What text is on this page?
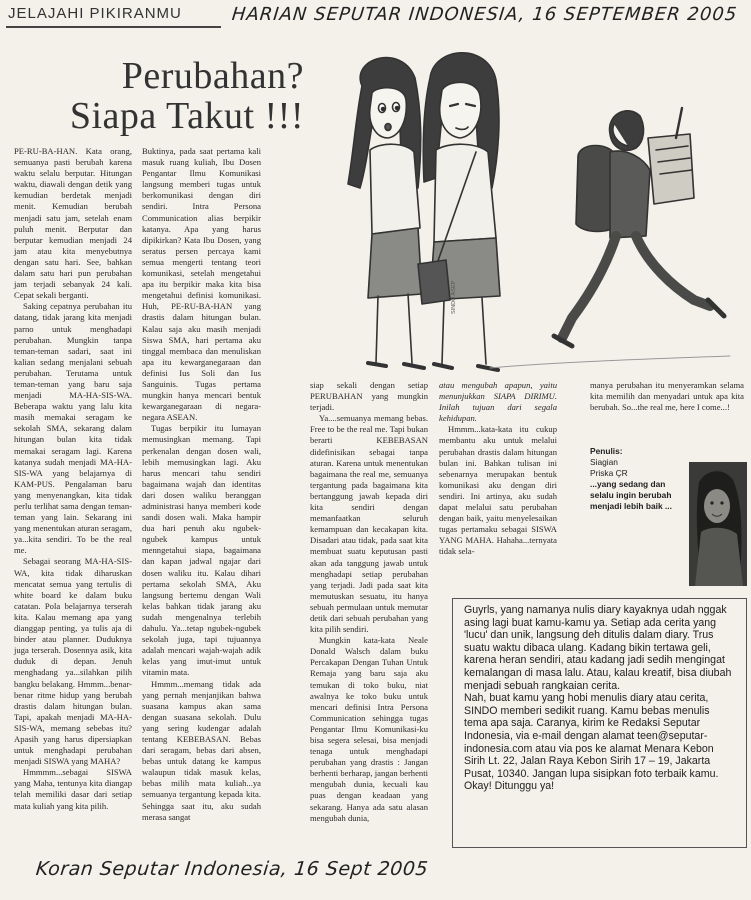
JELAJAHI PIKIRANMU	HARIAN SEPUTAR INDONESIA, 16 SEPTEMBER 2005
Perubahan?
Siapa Takut !!!
SINDO ASEP

PE-RU-BA-HAN. Kata orang, semuanya pasti berubah karena waktu selalu berputar. Hitungan waktu, diawali dengan detik yang kemudian berdetak menjadi menit. Kemudian berubah menjadi satu jam, setelah enam puluh menit. Berputar dan berputar kemudian menjadi 24 jam atau kita menyebutnya dengan satu hari. See, bahkan dalam satu hari pun perubahan jam terjadi sebanyak 24 kali. Cepat sekali berganti.

Saking cepatnya perubahan itu datang, tidak jarang kita menjadi parno untuk menghadapi perubahan. Mungkin tanpa teman-teman sadari, saat ini kalian sedang menjalani sebuah perubahan. Terutama untuk teman-teman yang baru saja menjadi MA-HA-SIS-WA. Beberapa waktu yang lalu kita masih memakai seragam ke sekolah SMA, sekarang dalam hitungan bulan kita tidak memakai seragam lagi. Karena katanya sudah menjadi MA-HA-SIS-WA yang belajarnya di KAM-PUS. Pengalaman baru yang menyenangkan, kita tidak perlu terlihat sama dengan teman-teman yang lain. Sekarang ini yang menentukan aturan seragam, ya...kita sendiri. To be the real me.

Sebagai seorang MA-HA-SIS-WA, kita tidak diharuskan mencatat semua yang tertulis di white board ke dalam buku catatan. Pola belajarnya terserah kita. Kalau memang apa yang dianggap penting, ya tulis aja di binder atau planner. Duduknya juga terserah. Dosennya asik, kita duduk di depan. Jenuh menghadang ya...silahkan pilih bangku belakang. Hmmm...benar-benar ritme hidup yang berubah drastis dalam hitungan bulan. Tapi, apakah menjadi MA-HA-SIS-WA, memang sebebas itu? Apasih yang harus dipersiapkan untuk menghadapi perubahan menjadi SISWA yang MAHA?

Hmmmm...sebagai SISWA yang Maha, tentunya kita diangap telah memiliki dasar dari setiap mata kuliah yang kita pilih.

Buktinya, pada saat pertama kali masuk ruang kuliah, Ibu Dosen Pengantar Ilmu Komunikasi langsung memberi tugas untuk berkomunikasi dengan diri sendiri. Intra Persona Communication alias berpikir katanya. Apa yang harus dipikirkan? Kata Ibu Dosen, yang seratus persen percaya kami semua mengerti tentang teori komunikasi, setelah mengetahui apa itu berpikir maka kita bisa mengetahui definisi komunikasi. Huh, PE-RU-BA-HAN yang drastis dalam hitungan bulan. Kalau saja aku masih menjadi Siswa SMA, hari pertama aku tinggal membaca dan menuliskan apa itu kewarganegaraan dan definisi Ius Soli dan Ius Sanguinis. Tugas pertama mungkin hanya mencari bentuk kewarganegaraan di negara-negara ASEAN.

Tugas berpikir itu lumayan memusingkan memang. Tapi perkenalan dengan dosen wali, lebih memusingkan lagi. Aku harus mencari tahu sendiri bagaimana wajah dan identitas dari dosen waliku beranggan administrasi hanya memberi kode sandi dosen wali. Maka hampir dua hari penuh aku ngubek-ngubek kampus untuk menngetahui siapa, bagaimana dan kapan jadwal ngajar dari dosen waliku itu. Kalau dihari pertama sekolah SMA, Aku langsung bertemu dengan Wali kelas bahkan tidak jarang aku sudah mengenalnya terlebih dahulu. Ya...tetap ngubek-ngubek sekolah juga, tapi tujuannya adalah mencari wajah-wajah adik kelas yang imut-imut untuk vitamin mata.

Hmmm...memang tidak ada yang pernah menjanjikan bahwa suasana kampus akan sama dengan suasana sekolah. Dulu yang sering kudengar adalah tentang KEBEBASAN. Bebas dari seragam, bebas dari absen, bebas untuk datang ke kampus walaupun tidak masuk kelas, bebas milih mata kuliah...ya semuanya tergantung kepada kita. Sehingga saat itu, aku sudah merasa sangat

siap sekali dengan setiap PERUBAHAN yang mungkin terjadi.

Ya....semuanya memang bebas. Free to be the real me. Tapi bukan berarti KEBEBASAN didefinisikan sebagai tanpa aturan. Karena untuk menentukan bagaimana the real me, semuanya tergantung pada bagaimana kita bertanggung jawab kepada diri kita sendiri dengan memanfaatkan seluruh kemampuan dan kecakapan kita. Disadari atau tidak, pada saat kita membuat suatu keputusan pasti akan ada tanggung jawab untuk menghadapi setiap perubahan yang terjadi. Jadi pada saat kita memutuskan sesuatu, itu hanya sebuah permulaan untuk memutar detik dari sebuah perubahan yang kita pilih sendiri.

Mungkin kata-kata Neale Donald Walsch dalam buku Percakapan Dengan Tuhan Untuk Remaja yang baru saja aku temukan di toko buku, niat awalnya ke toko buku untuk mencari definisi Intra Persona Communication sehingga tugas Pengantar Ilmu Komunikasi-ku bisa segera selesai, bisa menjadi tenaga untuk menghadapi perubahan yang drastis : Jangan berhenti berharap, jangan berhenti mengubah dunia, kecuali kau puas dengan keadaan yang sekarang. Hanya ada satu alasan mengubah dunia,

atau mengubah apapun, yaitu menunjukkan SIAPA DIRIMU. Inilah tujuan dari segala kehidupan.

Hmmm...kata-kata itu cukup membantu aku untuk melalui perubahan drastis dalam hitungan bulan ini. Bahkan tulisan ini sebenarnya merupakan bentuk komunikasi aku dengan diri sendiri. Ini artinya, aku sudah dapat melalui satu perubahan dengan baik, yaitu menyelesaikan tugas pertamaku sebagai SISWA YANG MAHA. Hahaha...ternyata tidak sela-

manya perubahan itu menyeramkan selama kita memilih dan menyadari untuk apa kita berubah. So...the real me, here I come...!

Penulis:
Siagian
Priska ÇR
...yang sedang dan selalu ingin berubah menjadi lebih baik ...

Guyrls, yang namanya nulis diary kayaknya udah nggak asing lagi buat kamu-kamu ya. Setiap ada cerita yang 'lucu' dan unik, langsung deh ditulis dalam diary. Trus suatu waktu dibaca ulang. Kadang bikin tertawa geli, karena heran sendiri, atau kadang jadi sedih mengingat kemalangan di masa lalu. Atau, kalau kreatif, bisa diubah menjadi sebuah rangkaian cerita.

Nah, buat kamu yang hobi menulis diary atau cerita, SINDO memberi sedikit ruang. Kamu bebas menulis tema apa saja. Caranya, kirim ke Redaksi Seputar Indonesia, via e-mail dengan alamat teen@seputar-indonesia.com atau via pos ke alamat Menara Kebon Sirih Lt. 22, Jalan Raya Kebon Sirih 17 – 19, Jakarta Pusat, 10340. Jangan lupa sisipkan foto terbaik kamu. Okay! Ditunggu ya!

Koran Seputar Indonesia, 16 Sept 2005
